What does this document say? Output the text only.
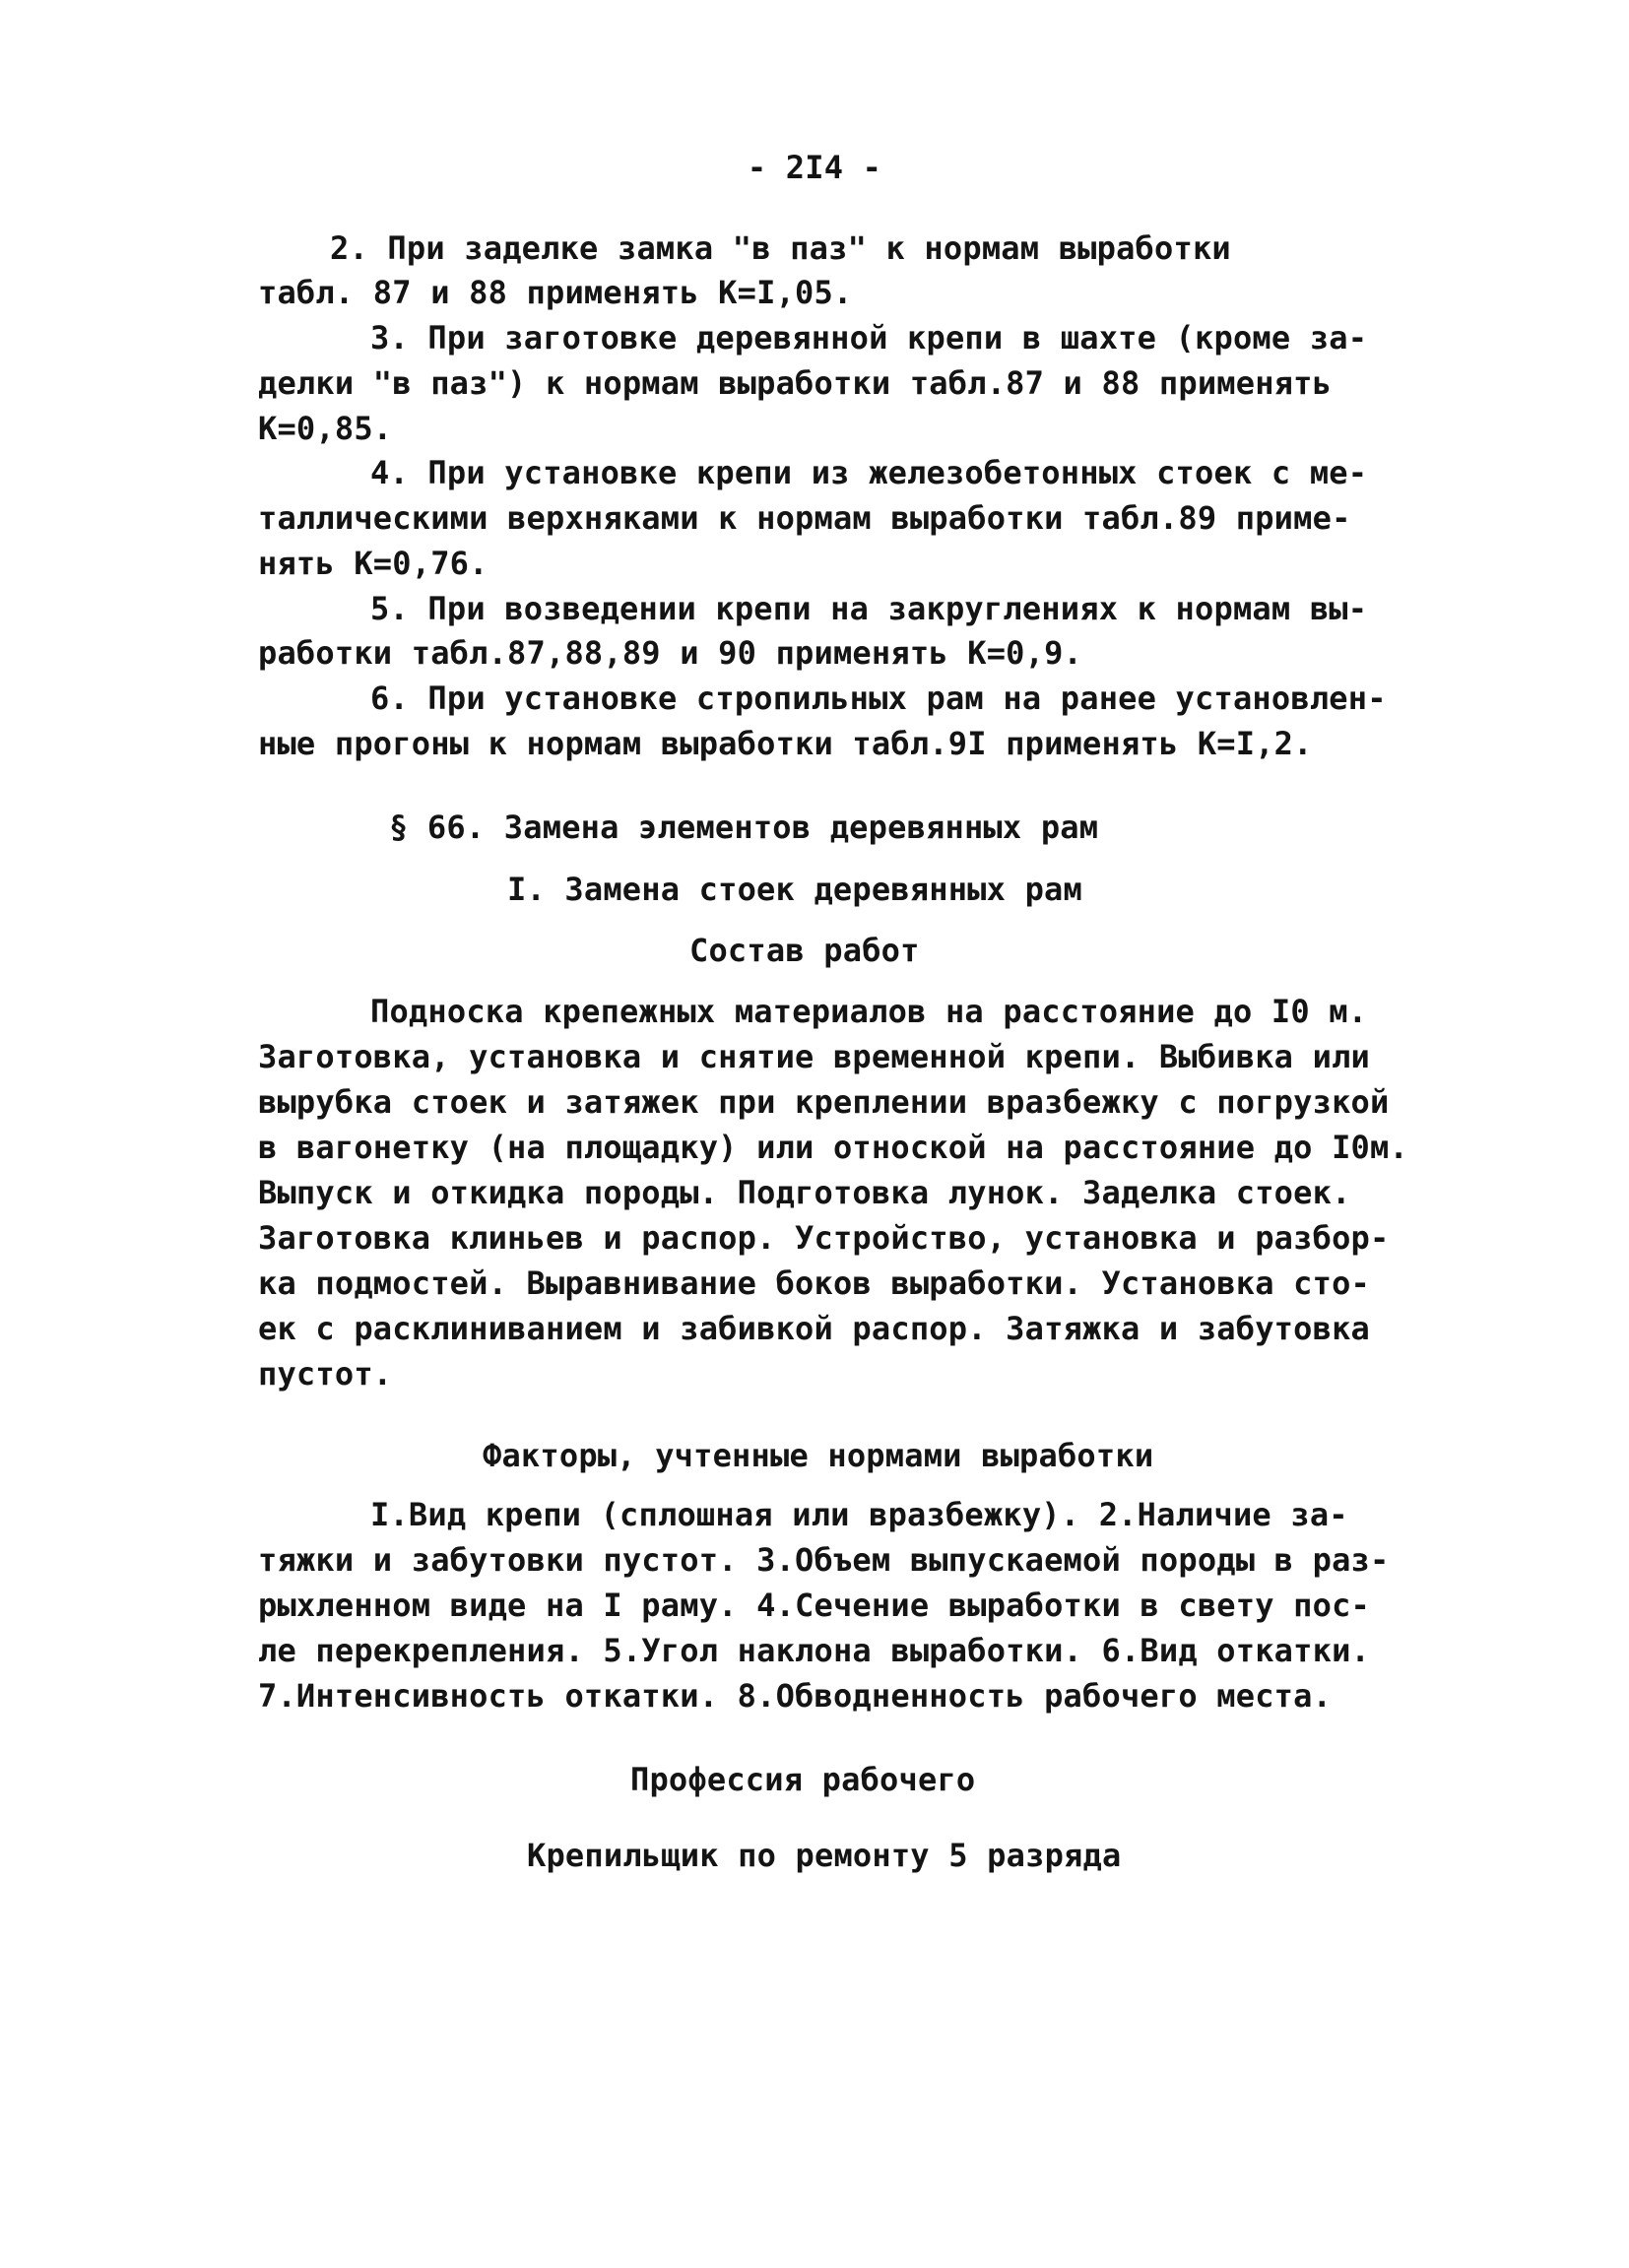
- 2I4 -
2. При заделке замка "в паз" к нормам выработки
табл. 87 и 88 применять К=I,05.
3. При заготовке деревянной крепи в шахте (кроме за-
делки "в паз") к нормам выработки табл.87 и 88 применять
К=0,85.
4. При установке крепи из железобетонных стоек с ме-
таллическими верхняками к нормам выработки табл.89 приме-
нять К=0,76.
5. При возведении крепи на закруглениях к нормам вы-
работки табл.87,88,89 и 90 применять К=0,9.
6. При установке стропильных рам на ранее установлен-
ные прогоны к нормам выработки табл.9I применять К=I,2.
§ 66. Замена элементов деревянных рам
I. Замена стоек деревянных рам
Состав работ
Подноска крепежных материалов на расстояние до I0 м.
Заготовка, установка и снятие временной крепи. Выбивка или
вырубка стоек и затяжек при креплении вразбежку с погрузкой
в вагонетку (на площадку) или отноской на расстояние до I0м.
Выпуск и откидка породы. Подготовка лунок. Заделка стоек.
Заготовка клиньев и распор. Устройство, установка и разбор-
ка подмостей. Выравнивание боков выработки. Установка сто-
ек с расклиниванием и забивкой распор. Затяжка и забутовка
пустот.
Факторы, учтенные нормами выработки
I.Вид крепи (сплошная или вразбежку). 2.Наличие за-
тяжки и забутовки пустот. 3.Объем выпускаемой породы в раз-
рыхленном виде на I раму. 4.Сечение выработки в свету пос-
ле перекрепления. 5.Угол наклона выработки. 6.Вид откатки.
7.Интенсивность откатки. 8.Обводненность рабочего места.
Профессия рабочего
Крепильщик по ремонту 5 разряда
